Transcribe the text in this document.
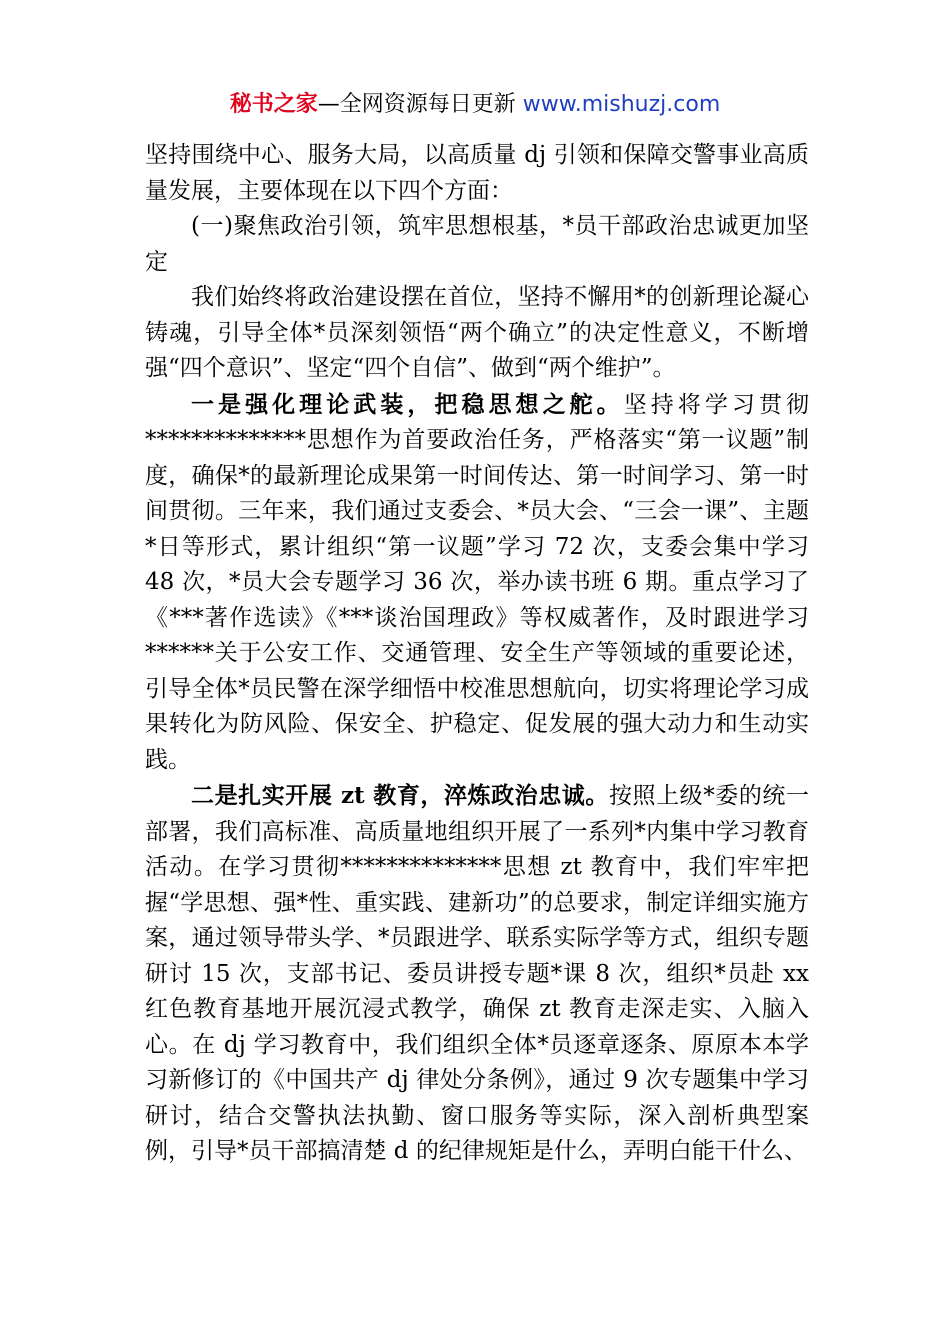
秘书之家—全网资源每日更新 www.mishuzj.com

坚持围绕中心、服务大局，以高质量 dj 引领和保障交警事业高质量发展，主要体现在以下四个方面：

(一)聚焦政治引领，筑牢思想根基，*员干部政治忠诚更加坚定

我们始终将政治建设摆在首位，坚持不懈用*的创新理论凝心铸魂，引导全体*员深刻领悟“两个确立”的决定性意义，不断增强“四个意识”、坚定“四个自信”、做到“两个维护”。

一是强化理论武装，把稳思想之舵。坚持将学习贯彻**************思想作为首要政治任务，严格落实“第一议题”制度，确保*的最新理论成果第一时间传达、第一时间学习、第一时间贯彻。三年来，我们通过支委会、*员大会、“三会一课”、主题*日等形式，累计组织“第一议题”学习 72 次，支委会集中学习 48 次，*员大会专题学习 36 次，举办读书班 6 期。重点学习了《***著作选读》《***谈治国理政》等权威著作，及时跟进学习******关于公安工作、交通管理、安全生产等领域的重要论述，引导全体*员民警在深学细悟中校准思想航向，切实将理论学习成果转化为防风险、保安全、护稳定、促发展的强大动力和生动实践。

二是扎实开展 zt 教育，淬炼政治忠诚。按照上级*委的统一部署，我们高标准、高质量地组织开展了一系列*内集中学习教育活动。在学习贯彻**************思想 zt 教育中，我们牢牢把握“学思想、强*性、重实践、建新功”的总要求，制定详细实施方案，通过领导带头学、*员跟进学、联系实际学等方式，组织专题研讨 15 次，支部书记、委员讲授专题*课 8 次，组织*员赴 xx 红色教育基地开展沉浸式教学，确保 zt 教育走深走实、入脑入心。在 dj 学习教育中，我们组织全体*员逐章逐条、原原本本学习新修订的《中国共产 dj 律处分条例》，通过 9 次专题集中学习研讨，结合交警执法执勤、窗口服务等实际，深入剖析典型案例，引导*员干部搞清楚 d 的纪律规矩是什么，弄明白能干什么、
